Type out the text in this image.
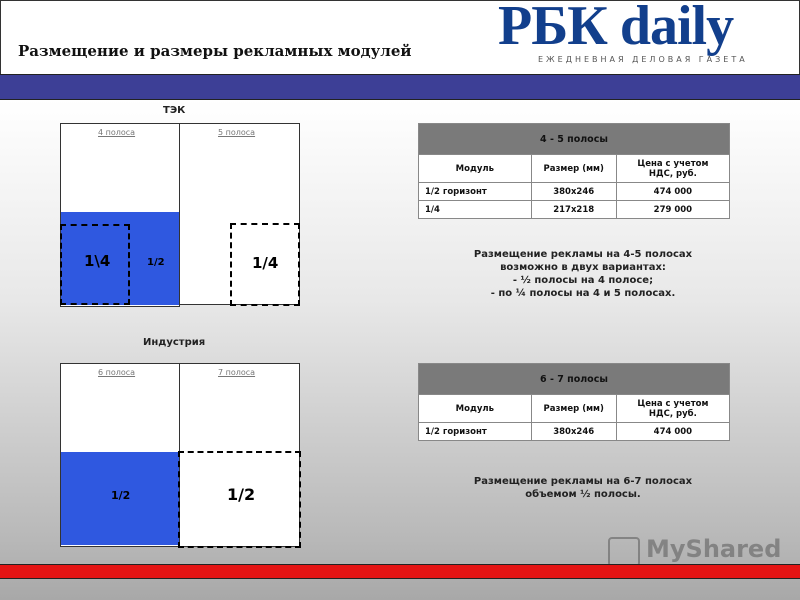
Размещение и размеры рекламных модулей РБК daily
ЕЖЕДНЕВНАЯ ДЕЛОВАЯ ГАЗЕТА
ТЭК
4 полоса	5 полоса
1\4	1/2	1/4
4 - 5 полосы		
Модуль	Размер (мм)	Цена с учетом НДС, руб.
1/2 горизонт	380х246	474 000
1/4	217х218	279 000
Размещение рекламы на 4-5 полосах
возможно в двух вариантах:
- ½ полосы на 4 полосе;
- по ¼ полосы на 4 и 5 полосах.
Индустрия
6 полоса	7 полоса
1/2	1/2
6 - 7 полосы		
Модуль	Размер (мм)	Цена с учетом НДС, руб.
1/2 горизонт	380х246	474 000
Размещение рекламы на 6-7 полосах
объемом ½ полосы.
MyShared
